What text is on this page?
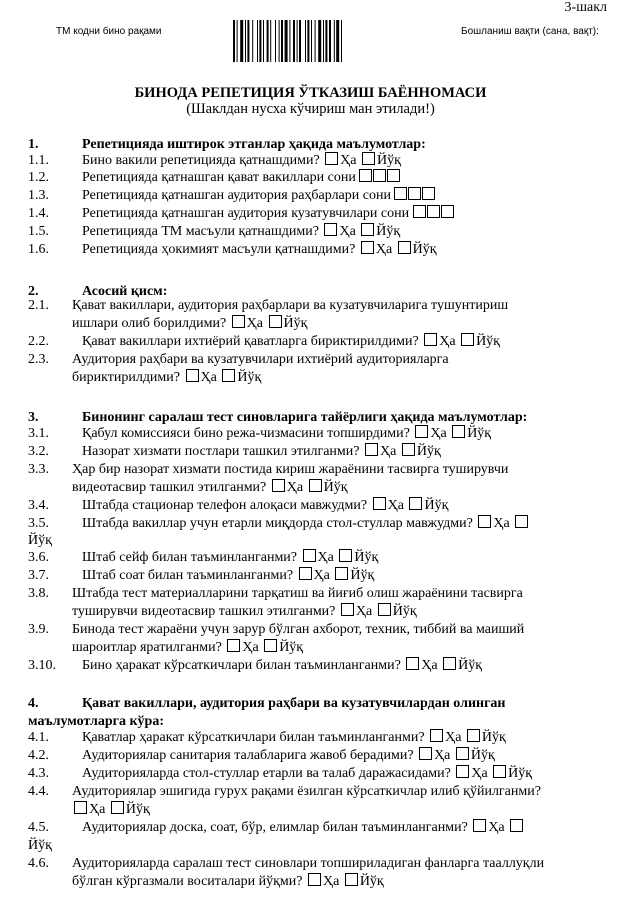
3-шакл
ТМ кодни бино рақами	Бошланиш вақти (сана, вақт):
БИНОДА РЕПЕТИЦИЯ ЎТКАЗИШ БАЁННОМАСИ
(Шаклдан нусха кўчириш ман этилади!)
1.	Репетицияда иштирок этганлар ҳақида маълумотлар:
1.1. Бино вакили репетицияда қатнашдими? Ҳа Йўқ
1.2. Репетицияда қатнашган қават вакиллари сони
1.3. Репетицияда қатнашган аудитория раҳбарлари сони
1.4. Репетицияда қатнашган аудитория кузатувчилари сони
1.5. Репетицияда ТМ масъули қатнашдими? Ҳа Йўқ
1.6. Репетицияда ҳокимият масъули қатнашдими? Ҳа Йўқ
2.	Асосий қисм:
2.1. Қават вакиллари, аудитория раҳбарлари ва кузатувчиларига тушунтириш
ишлари олиб борилдими? Ҳа Йўқ
2.2. Қават вакиллари ихтиёрий қаватларга бириктирилдими? Ҳа Йўқ
2.3. Аудитория раҳбари ва кузатувчилари ихтиёрий аудиторияларга
бириктирилдими? Ҳа Йўқ
3.	Бинонинг саралаш тест синовларига тайёрлиги ҳақида маълумотлар:
3.1. Қабул комиссияси бино режа-чизмасини топширдими? Ҳа Йўқ
3.2. Назорат хизмати постлари ташкил этилганми? Ҳа Йўқ
3.3. Ҳар бир назорат хизмати постида кириш жараёнини тасвирга туширувчи
видеотасвир ташкил этилганми? Ҳа Йўқ
3.4. Штабда стационар телефон алоқаси мавжудми? Ҳа Йўқ
3.5. Штабда вакиллар учун етарли миқдорда стол-стуллар мавжудми? Ҳа
Йўқ
3.6. Штаб сейф билан таъминланганми? Ҳа Йўқ
3.7. Штаб соат билан таъминланганми? Ҳа Йўқ
3.8. Штабда тест материалларини тарқатиш ва йиғиб олиш жараёнини тасвирга
туширувчи видеотасвир ташкил этилганми? Ҳа Йўқ
3.9. Бинода тест жараёни учун зарур бўлган ахборот, техник, тиббий ва маиший
шароитлар яратилганми? Ҳа Йўқ
3.10. Бино ҳаракат кўрсаткичлари билан таъминланганми? Ҳа Йўқ
4.	Қават вакиллари, аудитория раҳбари ва кузатувчилардан олинган
маълумотларга кўра:
4.1. Қаватлар ҳаракат кўрсаткичлари билан таъминланганми? Ҳа Йўқ
4.2. Аудиториялар санитария талабларига жавоб берадими? Ҳа Йўқ
4.3. Аудиторияларда стол-стуллар етарли ва талаб даражасидами? Ҳа Йўқ
4.4. Аудиториялар эшигида гурух рақами ёзилган кўрсаткичлар илиб қўйилганми?
Ҳа Йўқ
4.5. Аудиториялар доска, соат, бўр, елимлар билан таъминланганми? Ҳа
Йўқ
4.6. Аудиторияларда саралаш тест синовлари топшириладиган фанларга тааллуқли
бўлган кўргазмали воситалари йўқми? Ҳа Йўқ
